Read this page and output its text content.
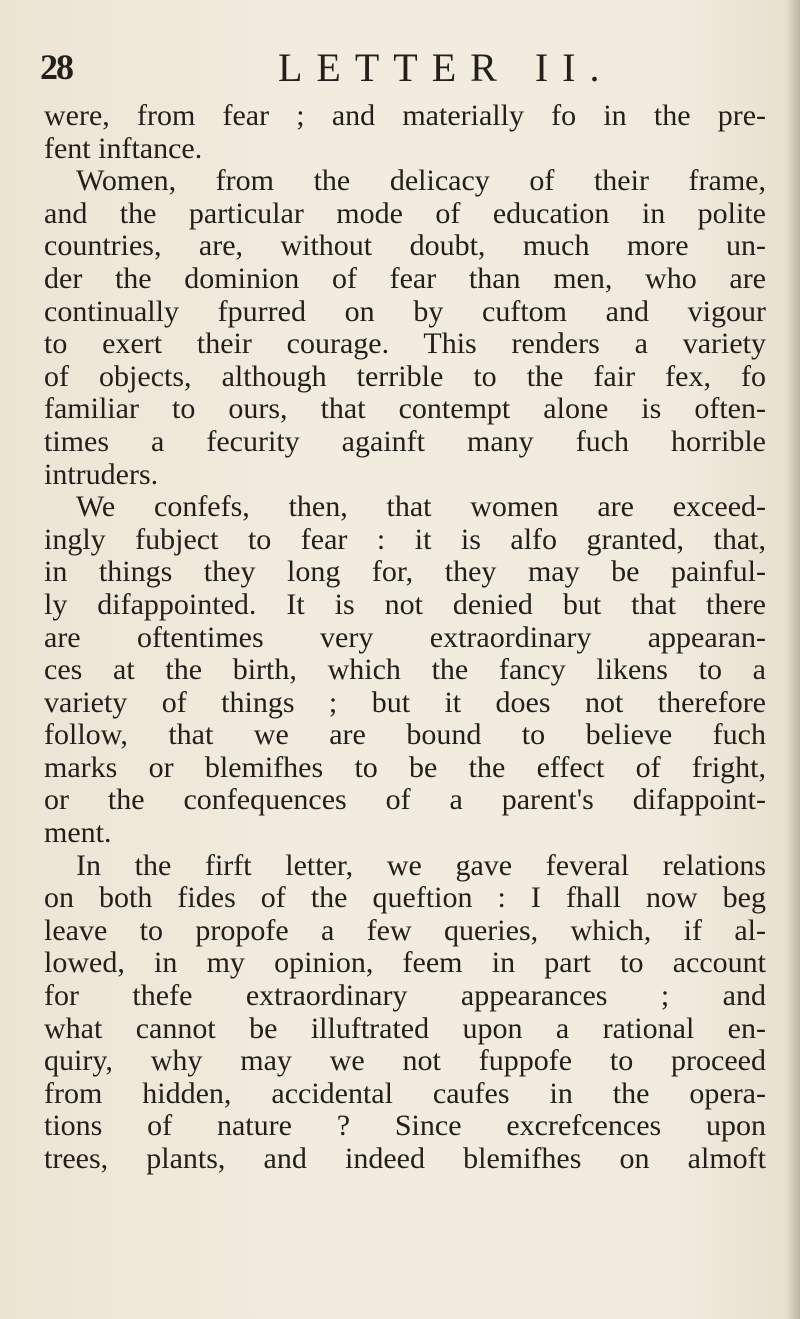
28	LETTER II.
were, from fear ; and materially fo in the pre-
fent inftance.
Women, from the delicacy of their frame,
and the particular mode of education in polite
countries, are, without doubt, much more un-
der the dominion of fear than men, who are
continually fpurred on by cuftom and vigour
to exert their courage. This renders a variety
of objects, although terrible to the fair fex, fo
familiar to ours, that contempt alone is often-
times a fecurity againft many fuch horrible
intruders.
We confefs, then, that women are exceed-
ingly fubject to fear : it is alfo granted, that,
in things they long for, they may be painful-
ly difappointed. It is not denied but that there
are oftentimes very extraordinary appearan-
ces at the birth, which the fancy likens to a
variety of things ; but it does not therefore
follow, that we are bound to believe fuch
marks or blemifhes to be the effect of fright,
or the confequences of a parent's difappoint-
ment.
In the firft letter, we gave feveral relations
on both fides of the queftion : I fhall now beg
leave to propofe a few queries, which, if al-
lowed, in my opinion, feem in part to account
for thefe extraordinary appearances ; and
what cannot be illuftrated upon a rational en-
quiry, why may we not fuppofe to proceed
from hidden, accidental caufes in the opera-
tions of nature ? Since excrefcences upon
trees, plants, and indeed blemifhes on almoft
